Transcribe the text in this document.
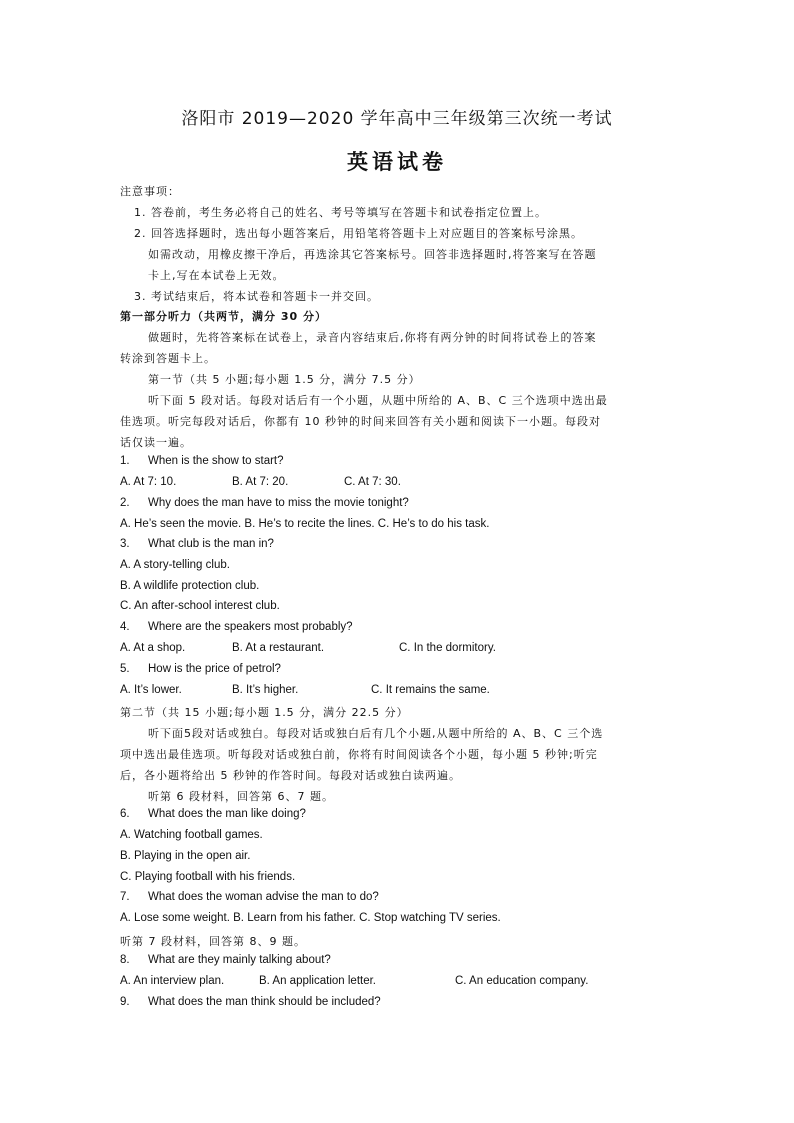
洛阳市 2019—2020 学年高中三年级第三次统一考试
英语试卷
注意事项：
1. 答卷前，考生务必将自己的姓名、考号等填写在答题卡和试卷指定位置上。
2. 回答选择题时，选出每小题答案后，用铅笔将答题卡上对应题目的答案标号涂黑。
如需改动，用橡皮擦干净后，再选涂其它答案标号。回答非选择题时,将答案写在答题
卡上,写在本试卷上无效。
3. 考试结束后，将本试卷和答题卡一并交回。
第一部分听力（共两节，满分 30 分）
做题时，先将答案标在试卷上，录音内容结束后,你将有两分钟的时间将试卷上的答案
转涂到答题卡上。
第一节（共 5 小题;每小题 1.5 分，满分 7.5 分）
听下面 5 段对话。每段对话后有一个小题，从题中所给的 A、B、C 三个选项中选出最
佳选项。听完每段对话后，你都有 10 秒钟的时间来回答有关小题和阅读下一小题。每段对
话仅读一遍。
1. When is the show to start?
A. At 7: 10.	B. At 7: 20.	C. At 7: 30.
2. Why does the man have to miss the movie tonight?
A. He’s seen the movie. B. He’s to recite the lines. C. He’s to do his task.
3. What club is the man in?
A. A story-telling club.
B. A wildlife protection club.
C. An after-school interest club.
4. Where are the speakers most probably?
A. At a shop.	B. At a restaurant.	C. In the dormitory.
5. How is the price of petrol?
A. It’s lower.	B. It’s higher.	C. It remains the same.
第二节（共 15 小题;每小题 1.5 分，满分 22.5 分）
听下面5段对话或独白。每段对话或独白后有几个小题,从题中所给的 A、B、C 三个选
项中选出最佳选项。听每段对话或独白前，你将有时间阅读各个小题，每小题 5 秒钟;听完
后，各小题将给出 5 秒钟的作答时间。每段对话或独白读两遍。
听第 6 段材料，回答第 6、7 题。
6. What does the man like doing?
A. Watching football games.
B. Playing in the open air.
C. Playing football with his friends.
7. What does the woman advise the man to do?
A. Lose some weight. B. Learn from his father. C. Stop watching TV series.
听第 7 段材料，回答第 8、9 题。
8. What are they mainly talking about?
A. An interview plan.	B. An application letter.	C. An education company.
9. What does the man think should be included?
